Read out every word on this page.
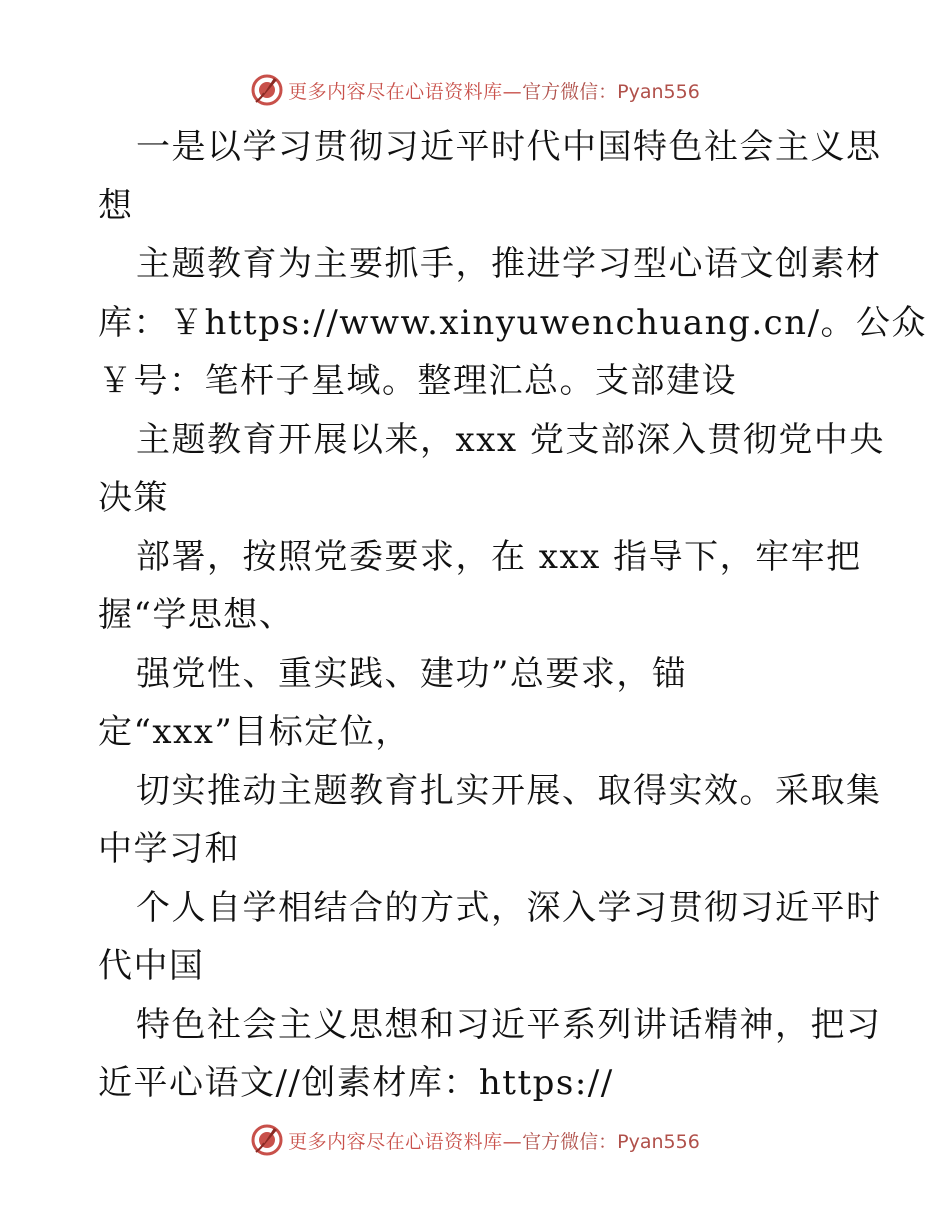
更多内容尽在心语资料库— 官方微信：Pyan556
一是以学习贯彻习近平时代中国特色社会主义思
想
主题教育为主要抓手，推进学习型心语文创素材
库：￥https://www.xinyuwenchuang.cn/。公众
￥号：笔杆子星域。整理汇总。支部建设
主题教育开展以来，xxx 党支部深入贯彻党中央
决策
部署，按照党委要求，在 xxx 指导下，牢牢把
握“学思想、
强党性、重实践、建功”总要求，锚
定“xxx”目标定位，
切实推动主题教育扎实开展、取得实效。采取集
中学习和
个人自学相结合的方式，深入学习贯彻习近平时
代中国
特色社会主义思想和习近平系列讲话精神，把习
近平心语文//创素材库：https://
更多内容尽在心语资料库— 官方微信：Pyan556
